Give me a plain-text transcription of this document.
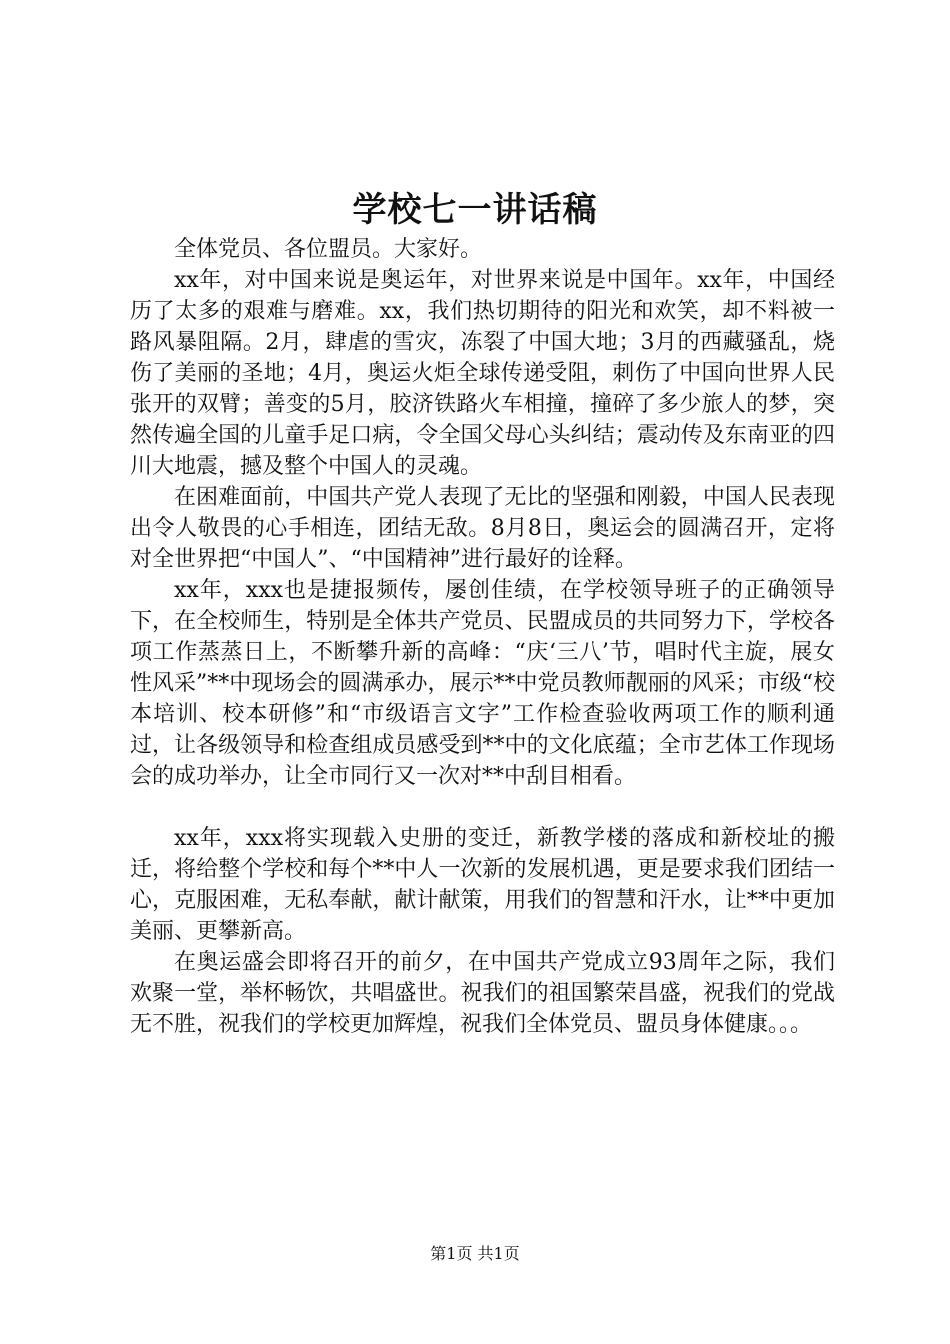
学校七一讲话稿

全体党员、各位盟员。大家好。

xx年，对中国来说是奥运年，对世界来说是中国年。xx年，中国经历了太多的艰难与磨难。xx，我们热切期待的阳光和欢笑，却不料被一路风暴阻隔。2月，肆虐的雪灾，冻裂了中国大地；3月的西藏骚乱，烧伤了美丽的圣地；4月，奥运火炬全球传递受阻，刺伤了中国向世界人民张开的双臂；善变的5月，胶济铁路火车相撞，撞碎了多少旅人的梦，突然传遍全国的儿童手足口病，令全国父母心头纠结；震动传及东南亚的四川大地震，撼及整个中国人的灵魂。

在困难面前，中国共产党人表现了无比的坚强和刚毅，中国人民表现出令人敬畏的心手相连，团结无敌。8月8日，奥运会的圆满召开，定将对全世界把“中国人”、“中国精神”进行最好的诠释。

xx年，xxx也是捷报频传，屡创佳绩，在学校领导班子的正确领导下，在全校师生，特别是全体共产党员、民盟成员的共同努力下，学校各项工作蒸蒸日上，不断攀升新的高峰：“庆‘三八’节，唱时代主旋，展女性风采”**中现场会的圆满承办，展示**中党员教师靓丽的风采；市级“校本培训、校本研修”和“市级语言文字”工作检查验收两项工作的顺利通过，让各级领导和检查组成员感受到**中的文化底蕴；全市艺体工作现场会的成功举办，让全市同行又一次对**中刮目相看。

xx年，xxx将实现载入史册的变迁，新教学楼的落成和新校址的搬迁，将给整个学校和每个**中人一次新的发展机遇，更是要求我们团结一心，克服困难，无私奉献，献计献策，用我们的智慧和汗水，让**中更加美丽、更攀新高。

在奥运盛会即将召开的前夕，在中国共产党成立93周年之际，我们欢聚一堂，举杯畅饮，共唱盛世。祝我们的祖国繁荣昌盛，祝我们的党战无不胜，祝我们的学校更加辉煌，祝我们全体党员、盟员身体健康。。。

第1页 共1页
